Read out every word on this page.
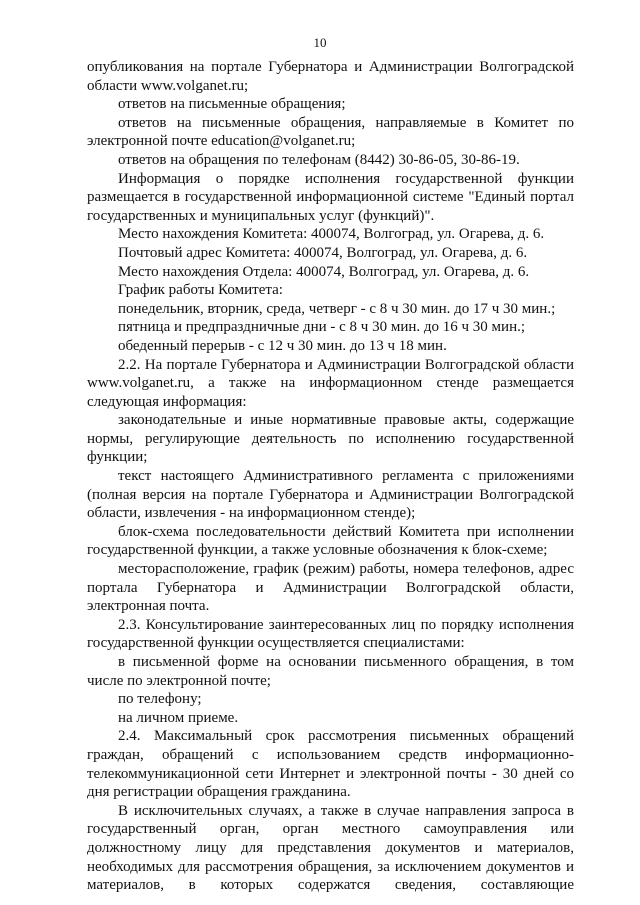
10

опубликования на портале Губернатора и Администрации Волгоградской области www.volganet.ru;

ответов на письменные обращения;

ответов на письменные обращения, направляемые в Комитет по электронной почте education@volganet.ru;

ответов на обращения по телефонам (8442) 30-86-05, 30-86-19.

Информация о порядке исполнения государственной функции размещается в государственной информационной системе "Единый портал государственных и муниципальных услуг (функций)".

Место нахождения Комитета: 400074, Волгоград, ул. Огарева, д. 6.

Почтовый адрес Комитета: 400074, Волгоград, ул. Огарева, д. 6.

Место нахождения Отдела: 400074, Волгоград, ул. Огарева, д. 6.

График работы Комитета:

понедельник, вторник, среда, четверг - с 8 ч 30 мин. до 17 ч 30 мин.;

пятница и предпраздничные дни - с 8 ч 30 мин. до 16 ч 30 мин.;

обеденный перерыв - с 12 ч 30 мин. до 13 ч 18 мин.

2.2. На портале Губернатора и Администрации Волгоградской области www.volganet.ru, а также на информационном стенде размещается следующая информация:

законодательные и иные нормативные правовые акты, содержащие нормы, регулирующие деятельность по исполнению государственной функции;

текст настоящего Административного регламента с приложениями (полная версия на портале Губернатора и Администрации Волгоградской области, извлечения - на информационном стенде);

блок-схема последовательности действий Комитета при исполнении государственной функции, а также условные обозначения к блок-схеме;

месторасположение, график (режим) работы, номера телефонов, адрес портала Губернатора и Администрации Волгоградской области, электронная почта.

2.3. Консультирование заинтересованных лиц по порядку исполнения государственной функции осуществляется специалистами:

в письменной форме на основании письменного обращения, в том числе по электронной почте;

по телефону;

на личном приеме.

2.4. Максимальный срок рассмотрения письменных обращений граждан, обращений с использованием средств информационно-телекоммуникационной сети Интернет и электронной почты - 30 дней со дня регистрации обращения гражданина.

В исключительных случаях, а также в случае направления запроса в государственный орган, орган местного самоуправления или должностному лицу для представления документов и материалов, необходимых для рассмотрения обращения, за исключением документов и материалов, в которых содержатся сведения, составляющие
